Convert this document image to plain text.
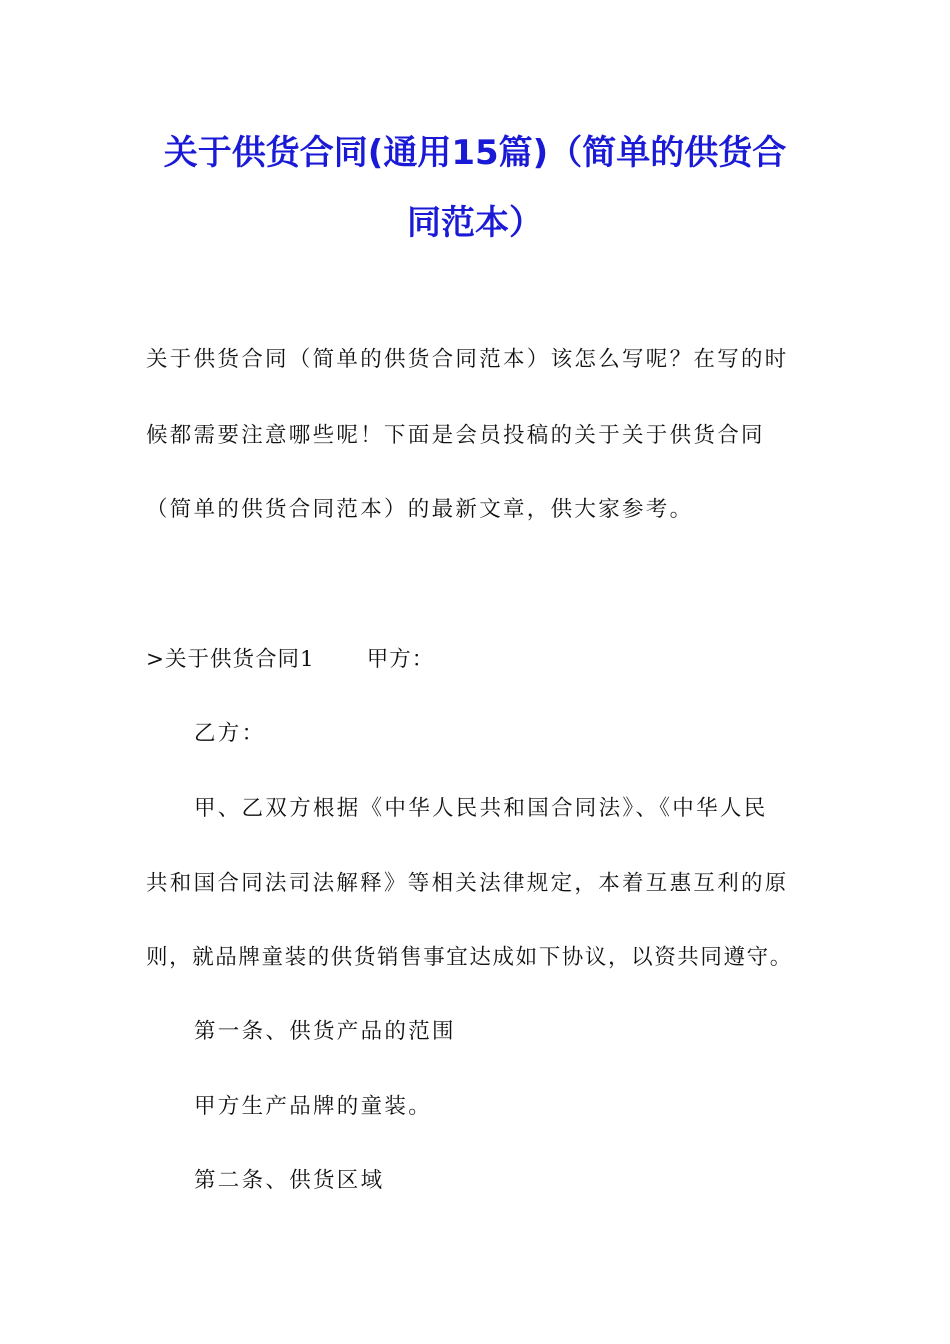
关于供货合同(通用15篇)（简单的供货合
同范本）
关于供货合同（简单的供货合同范本）该怎么写呢？在写的时
候都需要注意哪些呢！下面是会员投稿的关于关于供货合同
（简单的供货合同范本）的最新文章，供大家参考。
>关于供货合同1 甲方：
乙方：
甲、乙双方根据《中华人民共和国合同法》、《中华人民
共和国合同法司法解释》等相关法律规定，本着互惠互利的原
则，就品牌童装的供货销售事宜达成如下协议，以资共同遵守。
第一条、供货产品的范围
甲方生产品牌的童装。
第二条、供货区域
